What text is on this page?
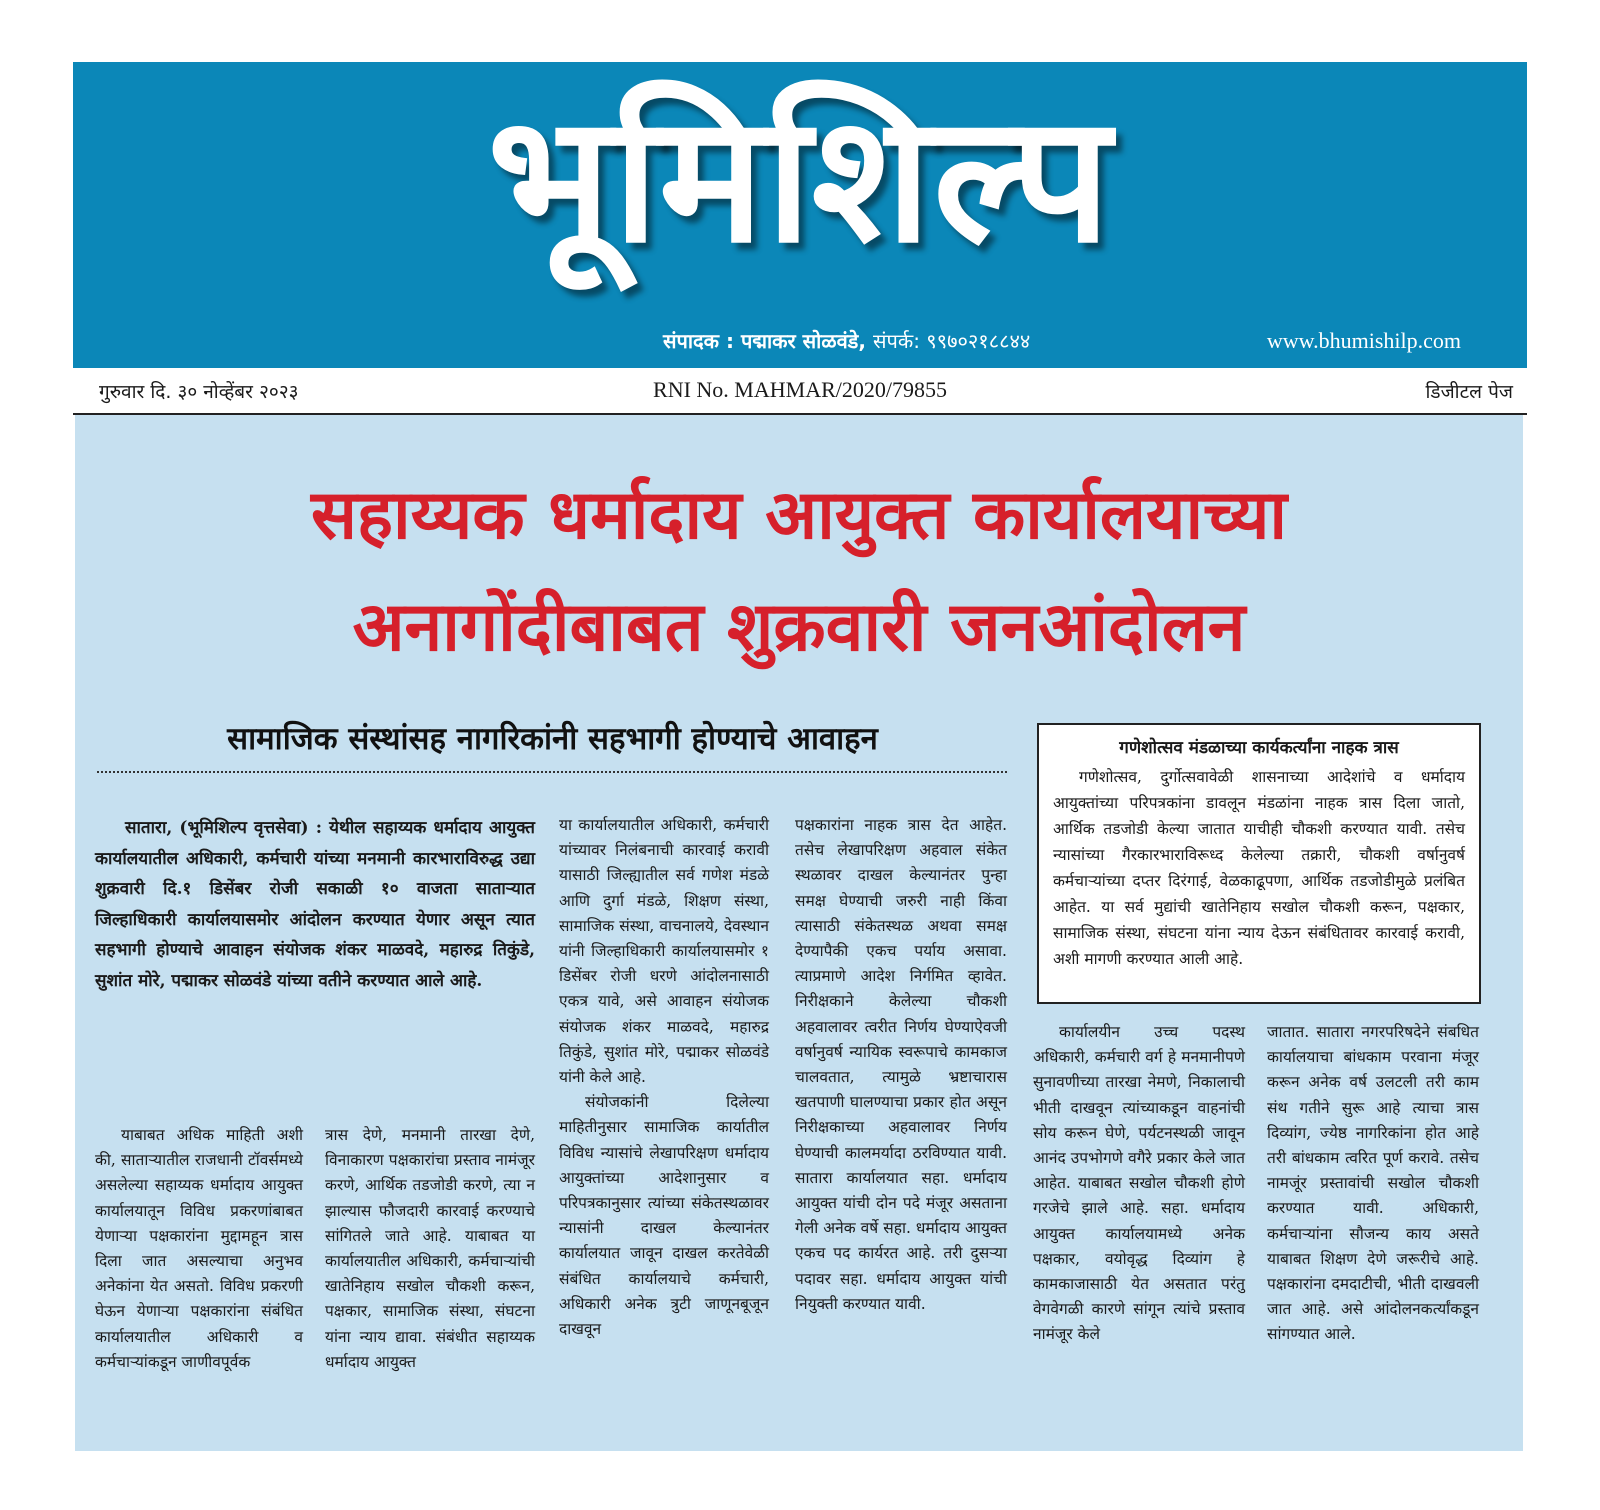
भूमिशिल्प
संपादक : पद्माकर सोळवंडे, संपर्क: ९९७०२१८८४४	www.bhumishilp.com
RNI No. MAHMAR/2020/79855
गुरुवार दि. ३० नोव्हेंबर २०२३	डिजीटल पेज
सहाय्यक धर्मादाय आयुक्त कार्यालयाच्या
अनागोंदीबाबत शुक्रवारी जनआंदोलन
सामाजिक संस्थांसह नागरिकांनी सहभागी होण्याचे आवाहन

सातारा, (भूमिशिल्प वृत्तसेवा) : येथील सहाय्यक धर्मादाय आयुक्त कार्यालयातील अधिकारी, कर्मचारी यांच्या मनमानी कारभाराविरुद्ध उद्या शुक्रवारी दि.१ डिसेंबर रोजी सकाळी १० वाजता साताऱ्यात जिल्हाधिकारी कार्यालयासमोर आंदोलन करण्यात येणार असून त्यात सहभागी होण्याचे आवाहन संयोजक शंकर माळवदे, महारुद्र तिकुंडे, सुशांत मोरे, पद्माकर सोळवंडे यांच्या वतीने करण्यात आले आहे.

याबाबत अधिक माहिती अशी की, साताऱ्यातील राजधानी टॉवर्समध्ये असलेल्या सहाय्यक धर्मादाय आयुक्त कार्यालयातून विविध प्रकरणांबाबत येणाऱ्या पक्षकारांना मुद्दामहून त्रास दिला जात असल्याचा अनुभव अनेकांना येत असतो. विविध प्रकरणी घेऊन येणाऱ्या पक्षकारांना संबंधित कार्यालयातील अधिकारी व कर्मचाऱ्यांकडून जाणीवपूर्वक

त्रास देणे, मनमानी तारखा देणे, विनाकारण पक्षकारांचा प्रस्ताव नामंजूर करणे, आर्थिक तडजोडी करणे, त्या न झाल्यास फौजदारी कारवाई करण्याचे सांगितले जाते आहे. याबाबत या कार्यालयातील अधिकारी, कर्मचाऱ्यांची खातेनिहाय सखोल चौकशी करून, पक्षकार, सामाजिक संस्था, संघटना यांना न्याय द्यावा. संबंधीत सहाय्यक धर्मादाय आयुक्त

या कार्यालयातील अधिकारी, कर्मचारी यांच्यावर निलंबनाची कारवाई करावी यासाठी जिल्ह्यातील सर्व गणेश मंडळे आणि दुर्गा मंडळे, शिक्षण संस्था, सामाजिक संस्था, वाचनालये, देवस्थान यांनी जिल्हाधिकारी कार्यालयासमोर १ डिसेंबर रोजी धरणे आंदोलनासाठी एकत्र यावे, असे आवाहन संयोजक संयोजक शंकर माळवदे, महारुद्र तिकुंडे, सुशांत मोरे, पद्माकर सोळवंडे यांनी केले आहे.

संयोजकांनी दिलेल्या माहितीनुसार सामाजिक कार्यातील विविध न्यासांचे लेखापरिक्षण धर्मादाय आयुक्तांच्या आदेशानुसार व परिपत्रकानुसार त्यांच्या संकेतस्थळावर न्यासांनी दाखल केल्यानंतर कार्यालयात जावून दाखल करतेवेळी संबंधित कार्यालयाचे कर्मचारी, अधिकारी अनेक त्रुटी जाणूनबूजून दाखवून

पक्षकारांना नाहक त्रास देत आहेत. तसेच लेखापरिक्षण अहवाल संकेत स्थळावर दाखल केल्यानंतर पुन्हा समक्ष घेण्याची जरुरी नाही किंवा त्यासाठी संकेतस्थळ अथवा समक्ष देण्यापैकी एकच पर्याय असावा. त्याप्रमाणे आदेश निर्गमित व्हावेत. निरीक्षकाने केलेल्या चौकशी अहवालावर त्वरीत निर्णय घेण्याऐवजी वर्षानुवर्ष न्यायिक स्वरूपाचे कामकाज चालवतात, त्यामुळे भ्रष्टाचारास खतपाणी घालण्याचा प्रकार होत असून निरीक्षकाच्या अहवालावर निर्णय घेण्याची कालमर्यादा ठरविण्यात यावी. सातारा कार्यालयात सहा. धर्मादाय आयुक्त यांची दोन पदे मंजूर असताना गेली अनेक वर्षे सहा. धर्मादाय आयुक्त एकच पद कार्यरत आहे. तरी दुसऱ्या पदावर सहा. धर्मादाय आयुक्त यांची नियुक्ती करण्यात यावी.

गणेशोत्सव मंडळाच्या कार्यकर्त्यांना नाहक त्रास

गणेशोत्सव, दुर्गोत्सवावेळी शासनाच्या आदेशांचे व धर्मादाय आयुक्तांच्या परिपत्रकांना डावलून मंडळांना नाहक त्रास दिला जातो, आर्थिक तडजोडी केल्या जातात याचीही चौकशी करण्यात यावी. तसेच न्यासांच्या गैरकारभाराविरूध्द केलेल्या तक्रारी, चौकशी वर्षानुवर्ष कर्मचाऱ्यांच्या दप्तर दिरंगाई, वेळकाढूपणा, आर्थिक तडजोडीमुळे प्रलंबित आहेत. या सर्व मुद्यांची खातेनिहाय सखोल चौकशी करून, पक्षकार, सामाजिक संस्था, संघटना यांना न्याय देऊन संबंधितावर कारवाई करावी, अशी मागणी करण्यात आली आहे.

कार्यालयीन उच्च पदस्थ अधिकारी, कर्मचारी वर्ग हे मनमानीपणे सुनावणीच्या तारखा नेमणे, निकालाची भीती दाखवून त्यांच्याकडून वाहनांची सोय करून घेणे, पर्यटनस्थळी जावून आनंद उपभोगणे वगैरे प्रकार केले जात आहेत. याबाबत सखोल चौकशी होणे गरजेचे झाले आहे. सहा. धर्मादाय आयुक्त कार्यालयामध्ये अनेक पक्षकार, वयोवृद्ध दिव्यांग हे कामकाजासाठी येत असतात परंतु वेगवेगळी कारणे सांगून त्यांचे प्रस्ताव नामंजूर केले

जातात. सातारा नगरपरिषदेने संबधित कार्यालयाचा बांधकाम परवाना मंजूर करून अनेक वर्ष उलटली तरी काम संथ गतीने सुरू आहे त्याचा त्रास दिव्यांग, ज्येष्ठ नागरिकांना होत आहे तरी बांधकाम त्वरित पूर्ण करावे. तसेच नामजूंर प्रस्तावांची सखोल चौकशी करण्यात यावी. अधिकारी, कर्मचाऱ्यांना सौजन्य काय असते याबाबत शिक्षण देणे जरूरीचे आहे. पक्षकारांना दमदाटीची, भीती दाखवली जात आहे. असे आंदोलनकर्त्यांकडून सांगण्यात आले.
